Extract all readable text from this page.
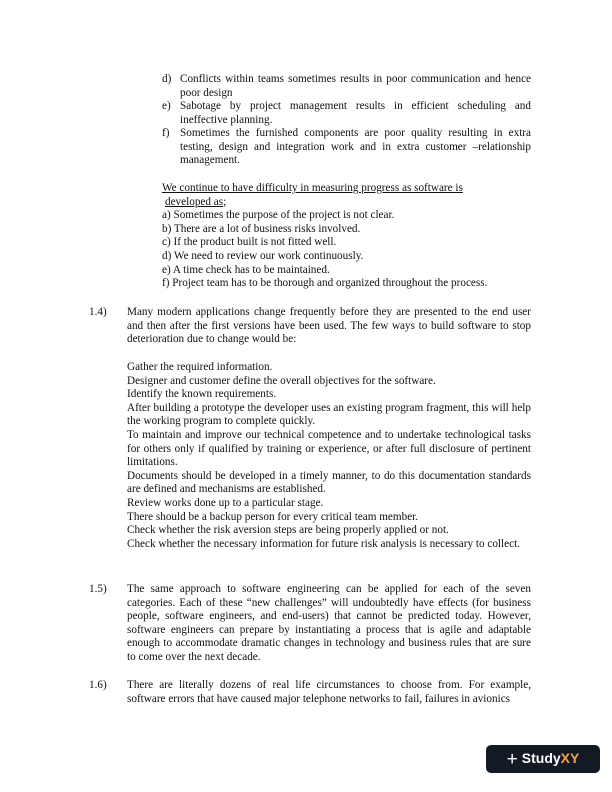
d) Conflicts within teams sometimes results in poor communication and hence poor design
e) Sabotage by project management results in efficient scheduling and ineffective planning.
f) Sometimes the furnished components are poor quality resulting in extra testing, design and integration work and in extra customer –relationship management.

We continue to have difficulty in measuring progress as software is

developed as;

a) Sometimes the purpose of the project is not clear.

b) There are a lot of business risks involved.

c) If the product built is not fitted well.

d) We need to review our work continuously.

e) A time check has to be maintained.

f) Project team has to be thorough and organized throughout the process.

1.4) Many modern applications change frequently before they are presented to the end user and then after the first versions have been used. The few ways to build software to stop deterioration due to change would be:

Gather the required information.

Designer and customer define the overall objectives for the software.

Identify the known requirements.

After building a prototype the developer uses an existing program fragment, this will help the working program to complete quickly.

To maintain and improve our technical competence and to undertake technological tasks for others only if qualified by training or experience, or after full disclosure of pertinent limitations.

Documents should be developed in a timely manner, to do this documentation standards are defined and mechanisms are established.

Review works done up to a particular stage.

There should be a backup person for every critical team member.

Check whether the risk aversion steps are being properly applied or not.

Check whether the necessary information for future risk analysis is necessary to collect.

1.5) The same approach to software engineering can be applied for each of the seven categories. Each of these “new challenges” will undoubtedly have effects (for business people, software engineers, and end-users) that cannot be predicted today. However, software engineers can prepare by instantiating a process that is agile and adaptable enough to accommodate dramatic changes in technology and business rules that are sure to come over the next decade.
1.6) There are literally dozens of real life circumstances to choose from. For example, software errors that have caused major telephone networks to fail, failures in avionics
+ StudyXY
